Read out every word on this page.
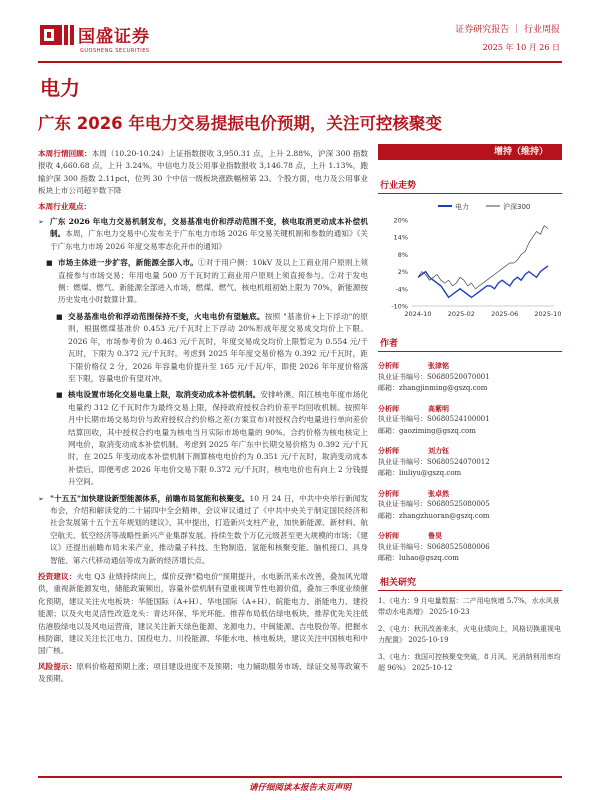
国盛证券
GUOSHENG SECURITIES
证券研究报告 ｜ 行业周报
2025 年 10 月 26 日
电力
广东 2026 年电力交易提振电价预期，关注可控核聚变

本周行情回顾：本周（10.20-10.24）上证指数报收 3,950.31 点，上升 2.88%，沪深 300 指数报收 4,660.68 点，上升 3.24%。中信电力及公用事业指数报收 3,146.78 点，上升 1.13%，跑输沪深 300 指数 2.11pct，位列 30 个中信一级板块涨跌幅榜第 23。个股方面，电力及公用事业板块上市公司超半数下降

本周行业观点：

➢ 广东 2026 年电力交易机制发布，交易基准电价和浮动范围不变，核电取消更动成本补偿机制。本周，广东电力交易中心发布关于广东电力市场 2026 年交易关键机制和参数的通知》《关于广东电力市场 2026 年度交易零态化开市的通知》
■ 市场主体进一步扩容，新能源全部入市。①对于用户侧：10kV 及以上工商业用户原则上须直接参与市场交易；年用电量 500 万千瓦时的工商业用户原则上须直接参与。②对于发电侧：燃煤、燃气、新能源全部进入市场，燃煤、燃气、核电机组初始上限为 70%，新能源按历史发电小时数算计算。
■ 交易基准电价和浮动范围保持不变，火电电价有望触底。按照 "基准价+上下浮动"的原则，根据燃煤基准价 0.453 元/千瓦时上下浮动 20%形成年度交易成交均价上下限。2026 年，市场参考价为 0.463 元/千瓦时，年度交易成交均价上限暂定为 0.554 元/千瓦时，下限为 0.372 元/千瓦时。考虑到 2025 年年度交易价格为 0.392 元/千瓦时，距下限价格仅 2 分，2026 年容量电价提升至 165 元/千瓦/年，即使 2026 年年度价格落至下限，容量电价有望对冲。
■ 核电设置市场化交易电量上限，取消变动成本补偿机制。安排岭澳、阳江核电年度市场化电量约 312 亿千瓦时作为最终交易上限，保持政府授权合约价差平均回收机制。按照年月中长期市场交易均价与政府授权合约价格之差(方案宣布)对授权合约电量进行单向差价结算回收，其中授权合约电量为核电当月实际市场电量的 90%。合约价格为核电核定上网电价，取消变动成本补偿机制。考虑到 2025 年广东中长期交易价格为 0.392 元/千瓦时，在 2025 年变动成本补偿机制下测算核电电价约为 0.351 元/千瓦时，取消变动成本补偿后，即便考虑 2026 年电价交易下限 0.372 元/千瓦时，核电电价也有向上 2 分钱提升空间。
➢ "十五五"加快建设新型能源体系，前瞻布局氢能和核聚变。10 月 24 日，中共中央举行新闻发布会，介绍和解读党的二十届四中全会精神。会议审议通过了《中共中央关于制定国民经济和社会发展第十五个五年规划的建议》，其中提出，打造新兴支柱产业，加快新能源、新材料、航空航天、低空经济等战略性新兴产业集群发展。持续生数个万亿元级甚至更大规模的市场；《建议》还提出前瞻布局未来产业，推动量子科技、生物制造、氢能和核聚变能、脑机接口、具身智能、第六代移动通信等成为新的经济增长点。

投资建议：火电 Q3 业绩持续向上，煤价反弹"稳电价"预期提升，水电新汛来水改善，叠加风光增供，重视新能源发电，储能政策频出，容量补偿机制有望重视调节性电源价值，叠加三季度业绩催化预期，建议关注火电板块：华能国际（A+H）、华电国际（A+H）、皖能电力、浙能电力、建投能源；以及火电灵活性改造龙头：青达环保、华光环能。推荐布局低估绿电板块，推荐优先关注低估港股绿电以及风电运营商，建议关注新天绿色能源、龙源电力、中闽能源、吉电股份等。把握水核防御，建议关注长江电力、国投电力、川投能源、华能水电、核电板块，建议关注中国核电和中国广核。

风险提示：原料价格超预期上涨；项目建设进度不及预期；电力辅助服务市场、绿证交易等政策不及预期。

增持（维持）
行业走势
电力	沪深300
20%
14%
8%
2%
-4%
-10%
2024-10 2025-02 2025-06 2025-10
作者
分析师	张津铭
执业证书编号：S0680520070001
邮箱：zhangjinming@gszq.com
分析师	高紫明
执业证书编号：S0680524100001
邮箱：gaoziming@gszq.com
分析师	刘力钰
执业证书编号：S0680524070012
邮箱：liuliyu@gszq.com
分析师	张卓然
执业证书编号：S0680525080005
邮箱：zhangzhuoran@gszq.com
分析师	鲁昊
执业证书编号：S0680525080006
邮箱：luhao@gszq.com
相关研究
1、《电力：9 月电量数据：二产用电恢增 5.7%，水水风景带动水电高增》 2025-10-23
2、《电力：秋汛改善来水，火电业绩向上，风格切换重视电力配置》 2025-10-19
3、《电力：我国可控核聚变突破，8 月风、光消纳利用率均超 96%》 2025-10-12
请仔细阅读本报告末页声明
